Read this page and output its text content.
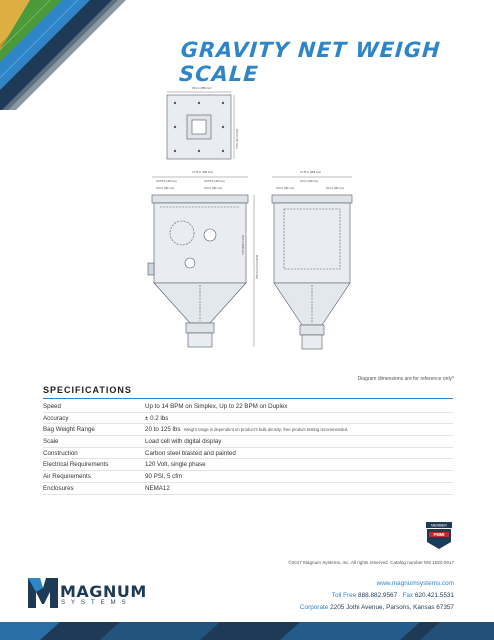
GRAVITY NET WEIGH SCALE
35.0 in (889 mm)
18.0 in (457 mm)
37.75 in (959 mm)
15.875 in (403 mm)	15.875 in (403 mm)
15.0 in (381 mm)	15.0 in (381 mm)
69.875 in (1775 mm)
33.0 in (838 mm)
37.75 in (959 mm)
16.0 in (406 mm)
15.0 in (381 mm)	15.0 in (381 mm)
Diagram dimensions are for reference only*
SPECIFICATIONS
Speed	Up to 14 BPM on Simplex, Up to 22 BPM on Duplex
Accuracy	± 0.2 lbs
Bag Weight Range	20 to 125 lbs Weight range is dependent on product's bulk density; free product testing recommended.
Scale	Load cell with digital display
Construction	Carbon steel blasted and painted
Electrical Requirements	120 Volt, single phase
Air Requirements	90 PSI, 5 cfm
Enclosures	NEMA12
MEMBER
PMMI
©2017 Magnum Systems, Inc. All rights reserved. Catalog number MS 1020.0917
MAGNUM
SYSTEMS
www.magnumsystems.com
Toll Free 888.882.9567 Fax 620.421.5531
Corporate 2205 Jothi Avenue, Parsons, Kansas 67357
